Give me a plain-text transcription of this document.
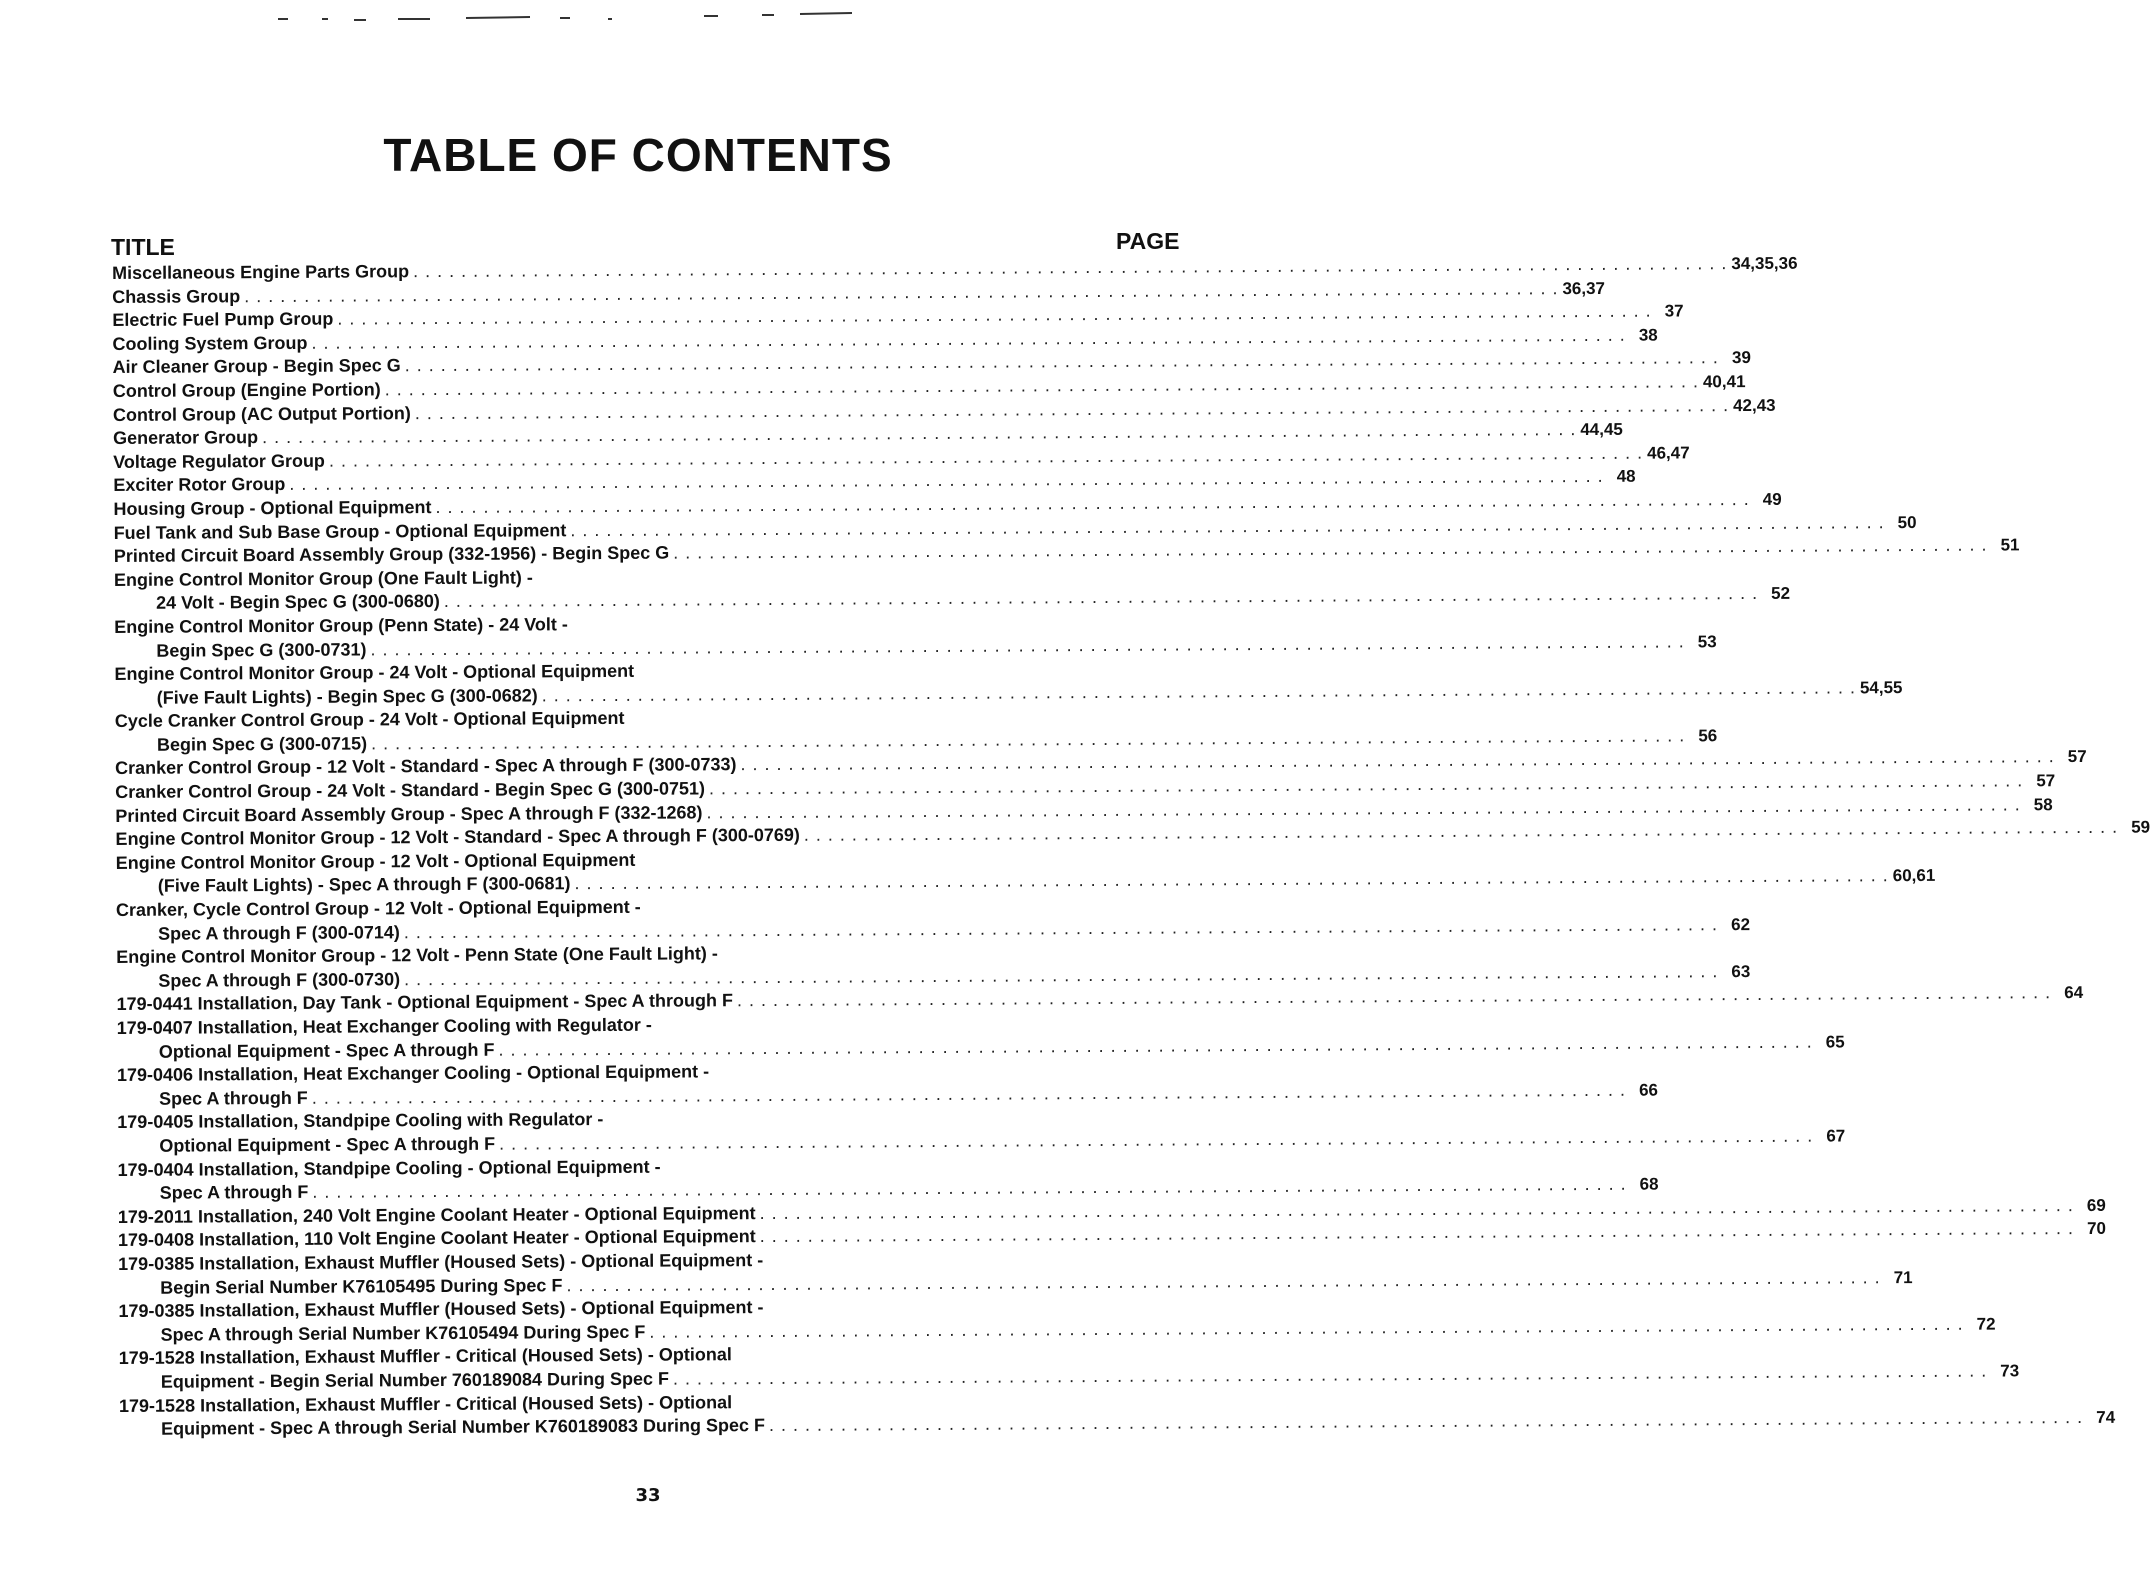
TABLE OF CONTENTS
TITLE	PAGE
Miscellaneous Engine Parts Group . . . . . . . . . . . . . . . . . . . . . . . . . . . . . . . . . . . . . . . . . . . . . . . . . . . . . . . . . . . . . . . . . . . . . . . . . . . . . . . . . . . . . . . . . . . . . . . . . . . . . . . . . . . . . . 34,35,36
Chassis Group . . . . . . . . . . . . . . . . . . . . . . . . . . . . . . . . . . . . . . . . . . . . . . . . . . . . . . . . . . . . . . . . . . . . . . . . . . . . . . . . . . . . . . . . . . . . . . . . . . . . . . . . . . . . . . 36,37
Electric Fuel Pump Group . . . . . . . . . . . . . . . . . . . . . . . . . . . . . . . . . . . . . . . . . . . . . . . . . . . . . . . . . . . . . . . . . . . . . . . . . . . . . . . . . . . . . . . . . . . . . . . . . . . . . . . . . . . . . . 37
Cooling System Group . . . . . . . . . . . . . . . . . . . . . . . . . . . . . . . . . . . . . . . . . . . . . . . . . . . . . . . . . . . . . . . . . . . . . . . . . . . . . . . . . . . . . . . . . . . . . . . . . . . . . . . . . . . . . . 38
Air Cleaner Group - Begin Spec G . . . . . . . . . . . . . . . . . . . . . . . . . . . . . . . . . . . . . . . . . . . . . . . . . . . . . . . . . . . . . . . . . . . . . . . . . . . . . . . . . . . . . . . . . . . . . . . . . . . . . . . . . . . . . . 39
Control Group (Engine Portion) . . . . . . . . . . . . . . . . . . . . . . . . . . . . . . . . . . . . . . . . . . . . . . . . . . . . . . . . . . . . . . . . . . . . . . . . . . . . . . . . . . . . . . . . . . . . . . . . . . . . . . . . . . . . . . 40,41
Control Group (AC Output Portion) . . . . . . . . . . . . . . . . . . . . . . . . . . . . . . . . . . . . . . . . . . . . . . . . . . . . . . . . . . . . . . . . . . . . . . . . . . . . . . . . . . . . . . . . . . . . . . . . . . . . . . . . . . . . . . 42,43
Generator Group . . . . . . . . . . . . . . . . . . . . . . . . . . . . . . . . . . . . . . . . . . . . . . . . . . . . . . . . . . . . . . . . . . . . . . . . . . . . . . . . . . . . . . . . . . . . . . . . . . . . . . . . . . . . . . 44,45
Voltage Regulator Group . . . . . . . . . . . . . . . . . . . . . . . . . . . . . . . . . . . . . . . . . . . . . . . . . . . . . . . . . . . . . . . . . . . . . . . . . . . . . . . . . . . . . . . . . . . . . . . . . . . . . . . . . . . . . . 46,47
Exciter Rotor Group . . . . . . . . . . . . . . . . . . . . . . . . . . . . . . . . . . . . . . . . . . . . . . . . . . . . . . . . . . . . . . . . . . . . . . . . . . . . . . . . . . . . . . . . . . . . . . . . . . . . . . . . . . . . . . 48
Housing Group - Optional Equipment . . . . . . . . . . . . . . . . . . . . . . . . . . . . . . . . . . . . . . . . . . . . . . . . . . . . . . . . . . . . . . . . . . . . . . . . . . . . . . . . . . . . . . . . . . . . . . . . . . . . . . . . . . . . . . 49
Fuel Tank and Sub Base Group - Optional Equipment . . . . . . . . . . . . . . . . . . . . . . . . . . . . . . . . . . . . . . . . . . . . . . . . . . . . . . . . . . . . . . . . . . . . . . . . . . . . . . . . . . . . . . . . . . . . . . . . . . . . . . . . . . . . . . 50
Printed Circuit Board Assembly Group (332-1956) - Begin Spec G . . . . . . . . . . . . . . . . . . . . . . . . . . . . . . . . . . . . . . . . . . . . . . . . . . . . . . . . . . . . . . . . . . . . . . . . . . . . . . . . . . . . . . . . . . . . . . . . . . . . . . . . . . . . . . 51
Engine Control Monitor Group (One Fault Light) -
24 Volt - Begin Spec G (300-0680) . . . . . . . . . . . . . . . . . . . . . . . . . . . . . . . . . . . . . . . . . . . . . . . . . . . . . . . . . . . . . . . . . . . . . . . . . . . . . . . . . . . . . . . . . . . . . . . . . . . . . . . . . . . . . . 52
Engine Control Monitor Group (Penn State) - 24 Volt -
Begin Spec G (300-0731) . . . . . . . . . . . . . . . . . . . . . . . . . . . . . . . . . . . . . . . . . . . . . . . . . . . . . . . . . . . . . . . . . . . . . . . . . . . . . . . . . . . . . . . . . . . . . . . . . . . . . . . . . . . . . . 53
Engine Control Monitor Group - 24 Volt - Optional Equipment
(Five Fault Lights) - Begin Spec G (300-0682) . . . . . . . . . . . . . . . . . . . . . . . . . . . . . . . . . . . . . . . . . . . . . . . . . . . . . . . . . . . . . . . . . . . . . . . . . . . . . . . . . . . . . . . . . . . . . . . . . . . . . . . . . . . . . . 54,55
Cycle Cranker Control Group - 24 Volt - Optional Equipment
Begin Spec G (300-0715) . . . . . . . . . . . . . . . . . . . . . . . . . . . . . . . . . . . . . . . . . . . . . . . . . . . . . . . . . . . . . . . . . . . . . . . . . . . . . . . . . . . . . . . . . . . . . . . . . . . . . . . . . . . . . . 56
Cranker Control Group - 12 Volt - Standard - Spec A through F (300-0733) . . . . . . . . . . . . . . . . . . . . . . . . . . . . . . . . . . . . . . . . . . . . . . . . . . . . . . . . . . . . . . . . . . . . . . . . . . . . . . . . . . . . . . . . . . . . . . . . . . . . . . . . . . . . . . 57
Cranker Control Group - 24 Volt - Standard - Begin Spec G (300-0751) . . . . . . . . . . . . . . . . . . . . . . . . . . . . . . . . . . . . . . . . . . . . . . . . . . . . . . . . . . . . . . . . . . . . . . . . . . . . . . . . . . . . . . . . . . . . . . . . . . . . . . . . . . . . . . 57
Printed Circuit Board Assembly Group - Spec A through F (332-1268) . . . . . . . . . . . . . . . . . . . . . . . . . . . . . . . . . . . . . . . . . . . . . . . . . . . . . . . . . . . . . . . . . . . . . . . . . . . . . . . . . . . . . . . . . . . . . . . . . . . . . . . . . . . . . . 58
Engine Control Monitor Group - 12 Volt - Standard - Spec A through F (300-0769) . . . . . . . . . . . . . . . . . . . . . . . . . . . . . . . . . . . . . . . . . . . . . . . . . . . . . . . . . . . . . . . . . . . . . . . . . . . . . . . . . . . . . . . . . . . . . . . . . . . . . . . . . . . . . . 59
Engine Control Monitor Group - 12 Volt - Optional Equipment
(Five Fault Lights) - Spec A through F (300-0681) . . . . . . . . . . . . . . . . . . . . . . . . . . . . . . . . . . . . . . . . . . . . . . . . . . . . . . . . . . . . . . . . . . . . . . . . . . . . . . . . . . . . . . . . . . . . . . . . . . . . . . . . . . . . . . 60,61
Cranker, Cycle Control Group - 12 Volt - Optional Equipment -
Spec A through F (300-0714) . . . . . . . . . . . . . . . . . . . . . . . . . . . . . . . . . . . . . . . . . . . . . . . . . . . . . . . . . . . . . . . . . . . . . . . . . . . . . . . . . . . . . . . . . . . . . . . . . . . . . . . . . . . . . . 62
Engine Control Monitor Group - 12 Volt - Penn State (One Fault Light) -
Spec A through F (300-0730) . . . . . . . . . . . . . . . . . . . . . . . . . . . . . . . . . . . . . . . . . . . . . . . . . . . . . . . . . . . . . . . . . . . . . . . . . . . . . . . . . . . . . . . . . . . . . . . . . . . . . . . . . . . . . . 63
179-0441 Installation, Day Tank - Optional Equipment - Spec A through F . . . . . . . . . . . . . . . . . . . . . . . . . . . . . . . . . . . . . . . . . . . . . . . . . . . . . . . . . . . . . . . . . . . . . . . . . . . . . . . . . . . . . . . . . . . . . . . . . . . . . . . . . . . . . . 64
179-0407 Installation, Heat Exchanger Cooling with Regulator -
Optional Equipment - Spec A through F . . . . . . . . . . . . . . . . . . . . . . . . . . . . . . . . . . . . . . . . . . . . . . . . . . . . . . . . . . . . . . . . . . . . . . . . . . . . . . . . . . . . . . . . . . . . . . . . . . . . . . . . . . . . . . 65
179-0406 Installation, Heat Exchanger Cooling - Optional Equipment -
Spec A through F . . . . . . . . . . . . . . . . . . . . . . . . . . . . . . . . . . . . . . . . . . . . . . . . . . . . . . . . . . . . . . . . . . . . . . . . . . . . . . . . . . . . . . . . . . . . . . . . . . . . . . . . . . . . . . 66
179-0405 Installation, Standpipe Cooling with Regulator -
Optional Equipment - Spec A through F . . . . . . . . . . . . . . . . . . . . . . . . . . . . . . . . . . . . . . . . . . . . . . . . . . . . . . . . . . . . . . . . . . . . . . . . . . . . . . . . . . . . . . . . . . . . . . . . . . . . . . . . . . . . . . 67
179-0404 Installation, Standpipe Cooling - Optional Equipment -
Spec A through F . . . . . . . . . . . . . . . . . . . . . . . . . . . . . . . . . . . . . . . . . . . . . . . . . . . . . . . . . . . . . . . . . . . . . . . . . . . . . . . . . . . . . . . . . . . . . . . . . . . . . . . . . . . . . . 68
179-2011 Installation, 240 Volt Engine Coolant Heater - Optional Equipment . . . . . . . . . . . . . . . . . . . . . . . . . . . . . . . . . . . . . . . . . . . . . . . . . . . . . . . . . . . . . . . . . . . . . . . . . . . . . . . . . . . . . . . . . . . . . . . . . . . . . . . . . . . . . . 69
179-0408 Installation, 110 Volt Engine Coolant Heater - Optional Equipment . . . . . . . . . . . . . . . . . . . . . . . . . . . . . . . . . . . . . . . . . . . . . . . . . . . . . . . . . . . . . . . . . . . . . . . . . . . . . . . . . . . . . . . . . . . . . . . . . . . . . . . . . . . . . . 70
179-0385 Installation, Exhaust Muffler (Housed Sets) - Optional Equipment -
Begin Serial Number K76105495 During Spec F . . . . . . . . . . . . . . . . . . . . . . . . . . . . . . . . . . . . . . . . . . . . . . . . . . . . . . . . . . . . . . . . . . . . . . . . . . . . . . . . . . . . . . . . . . . . . . . . . . . . . . . . . . . . . . 71
179-0385 Installation, Exhaust Muffler (Housed Sets) - Optional Equipment -
Spec A through Serial Number K76105494 During Spec F . . . . . . . . . . . . . . . . . . . . . . . . . . . . . . . . . . . . . . . . . . . . . . . . . . . . . . . . . . . . . . . . . . . . . . . . . . . . . . . . . . . . . . . . . . . . . . . . . . . . . . . . . . . . . . 72
179-1528 Installation, Exhaust Muffler - Critical (Housed Sets) - Optional
Equipment - Begin Serial Number 760189084 During Spec F . . . . . . . . . . . . . . . . . . . . . . . . . . . . . . . . . . . . . . . . . . . . . . . . . . . . . . . . . . . . . . . . . . . . . . . . . . . . . . . . . . . . . . . . . . . . . . . . . . . . . . . . . . . . . . 73
179-1528 Installation, Exhaust Muffler - Critical (Housed Sets) - Optional
Equipment - Spec A through Serial Number K760189083 During Spec F . . . . . . . . . . . . . . . . . . . . . . . . . . . . . . . . . . . . . . . . . . . . . . . . . . . . . . . . . . . . . . . . . . . . . . . . . . . . . . . . . . . . . . . . . . . . . . . . . . . . . . . . . . . . . . 74
33
